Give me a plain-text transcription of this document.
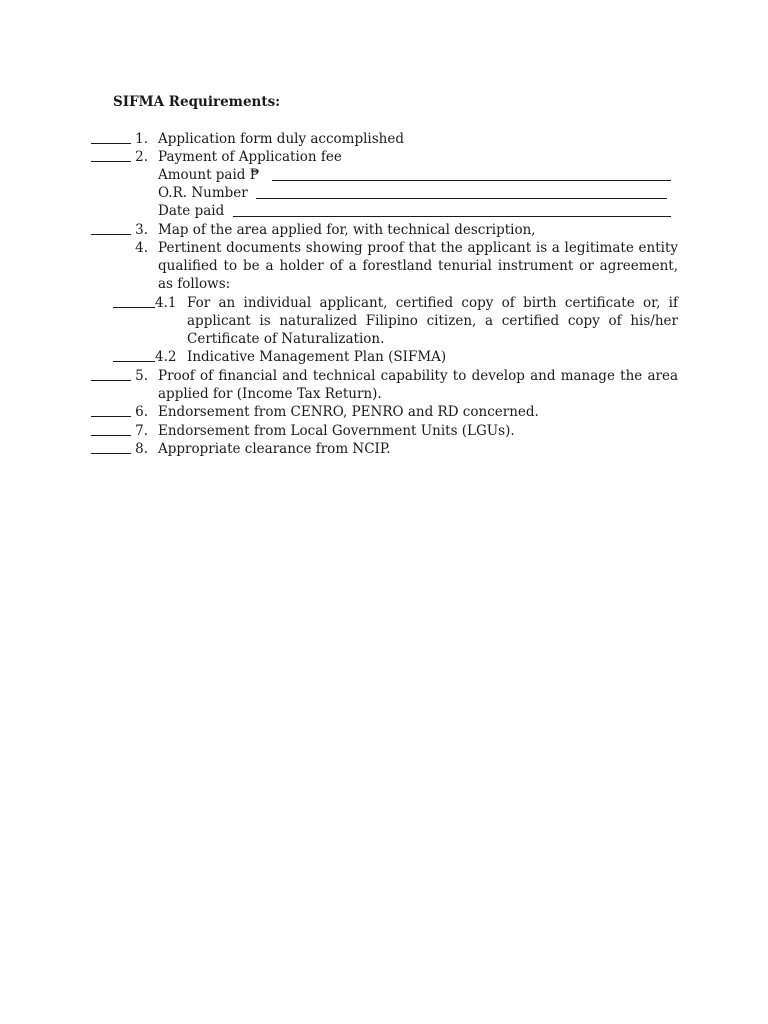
SIFMA Requirements:
1. Application form duly accomplished
2. Payment of Application fee
Amount paid ₱
O.R. Number
Date paid
3. Map of the area applied for, with technical description,
4. Pertinent documents showing proof that the applicant is a legitimate entity qualified to be a holder of a forestland tenurial instrument or agreement, as follows:
4.1 For an individual applicant, certified copy of birth certificate or, if applicant is naturalized Filipino citizen, a certified copy of his/her Certificate of Naturalization.
4.2 Indicative Management Plan (SIFMA)
5. Proof of financial and technical capability to develop and manage the area applied for (Income Tax Return).
6. Endorsement from CENRO, PENRO and RD concerned.
7. Endorsement from Local Government Units (LGUs).
8. Appropriate clearance from NCIP.
